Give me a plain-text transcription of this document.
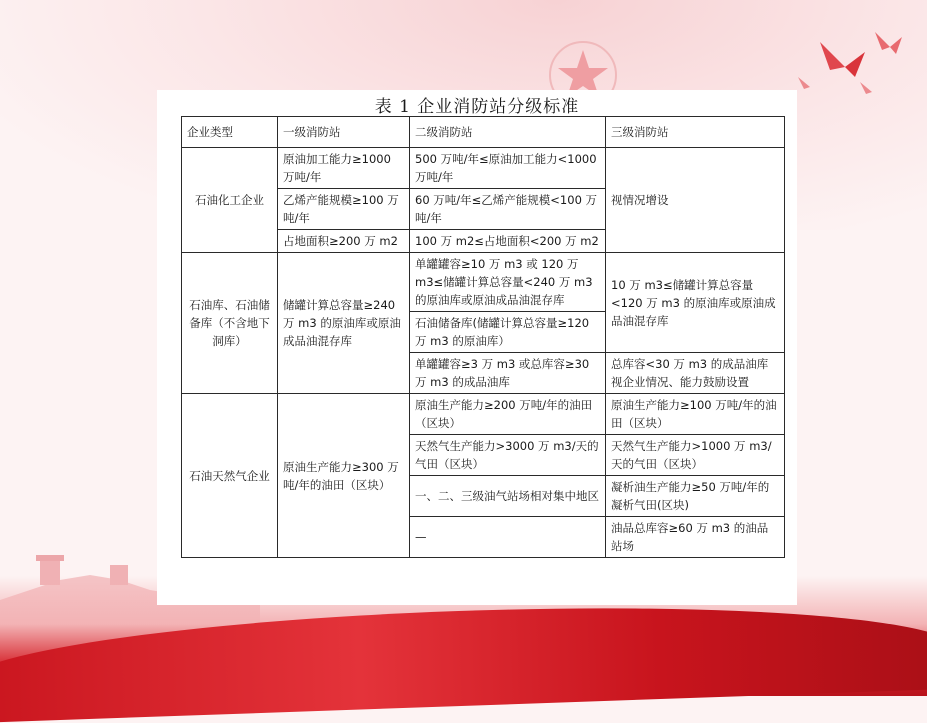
表 1 企业消防站分级标准
企业类型	一级消防站	二级消防站	三级消防站
石油化工企业	原油加工能力≥1000 万吨/年	500 万吨/年≤原油加工能力<1000 万吨/年	视情况增设
	乙烯产能规模≥100 万吨/年	60 万吨/年≤乙烯产能规模<100 万吨/年	
	占地面积≥200 万 m2	100 万 m2≤占地面积<200 万 m2	
石油库、石油储备库（不含地下洞库）	储罐计算总容量≥240 万 m3 的原油库或原油成品油混存库	单罐罐容≥10 万 m3 或 120 万 m3≤储罐计算总容量<240 万 m3 的原油库或原油成品油混存库	10 万 m3≤储罐计算总容量<120 万 m3 的原油库或原油成品油混存库
		石油储备库(储罐计算总容量≥120 万 m3 的原油库）	
		单罐罐容≥3 万 m3 或总库容≥30 万 m3 的成品油库	总库容<30 万 m3 的成品油库视企业情况、能力鼓励设置
石油天然气企业	原油生产能力≥300 万吨/年的油田（区块）	原油生产能力≥200 万吨/年的油田（区块）	原油生产能力≥100 万吨/年的油田（区块）
		天然气生产能力>3000 万 m3/天的气田（区块）	天然气生产能力>1000 万 m3/天的气田（区块）
		一、二、三级油气站场相对集中地区	凝析油生产能力≥50 万吨/年的凝析气田(区块)
		—	油品总库容≥60 万 m3 的油品站场
